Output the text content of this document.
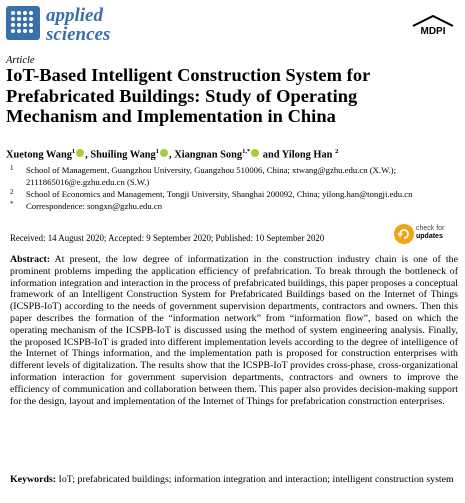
applied
sciences	MDPI
Article
IoT-Based Intelligent Construction System for Prefabricated Buildings: Study of Operating Mechanism and Implementation in China
Xuetong Wang$^1$ , Shuiling Wang$^1$ , Xiangnan Song$^{1,*}$ and Yilong Han $^2$
1 School of Management, Guangzhou University, Guangzhou 510006, China; xtwang@gzhu.edu.cn (X.W.); 2111865016@e.gzhu.edu.cn (S.W.)
2 School of Economics and Management, Tongji University, Shanghai 200092, China; yilong.han@tongji.edu.cn
* Correspondence: songxn@gzhu.edu.cn
Received: 14 August 2020; Accepted: 9 September 2020; Published: 10 September 2020
check for
updates
Abstract: At present, the low degree of informatization in the construction industry chain is one of the prominent problems impeding the application efficiency of prefabrication. To break through the bottleneck of information integration and interaction in the process of prefabricated buildings, this paper proposes a conceptual framework of an Intelligent Construction System for Prefabricated Buildings based on the Internet of Things (ICSPB-IoT) according to the needs of government supervision departments, contractors and owners. Then this paper describes the formation of the “information network” from “information flow”, based on which the operating mechanism of the ICSPB-IoT is discussed using the method of system engineering analysis. Finally, the proposed ICSPB-IoT is graded into different implementation levels according to the degree of intelligence of the Internet of Things information, and the implementation path is proposed for construction enterprises with different levels of digitalization. The results show that the ICSPB-IoT provides cross-phase, cross-organizational information interaction for government supervision departments, contractors and owners to improve the efficiency of communication and collaboration between them. This paper also provides decision-making support for the design, layout and implementation of the Internet of Things for prefabrication construction enterprises.
Keywords: IoT; prefabricated buildings; information integration and interaction; intelligent construction system
